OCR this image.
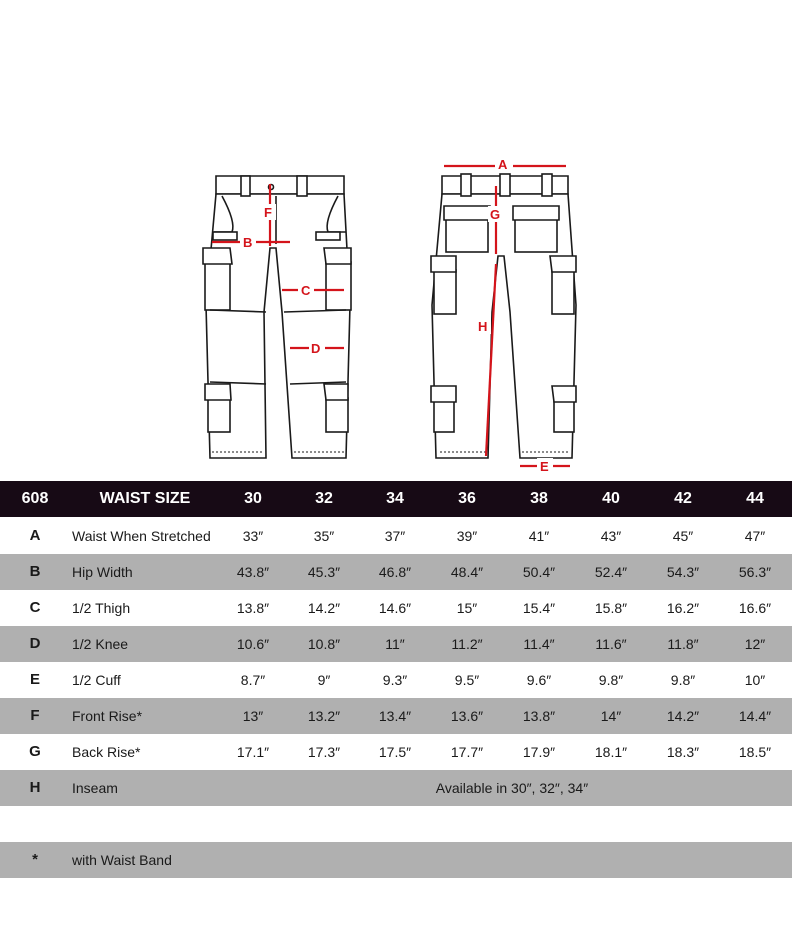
F
B
C
D
A
G
H
E
608	WAIST SIZE	30	32	34	36	38	40	42	44
A	Waist When Stretched	33″	35″	37″	39″	41″	43″	45″	47″
B	Hip Width	43.8″	45.3″	46.8″	48.4″	50.4″	52.4″	54.3″	56.3″
C	1/2 Thigh	13.8″	14.2″	14.6″	15″	15.4″	15.8″	16.2″	16.6″
D	1/2 Knee	10.6″	10.8″	11″	11.2″	11.4″	11.6″	11.8″	12″
E	1/2 Cuff	8.7″	9″	9.3″	9.5″	9.6″	9.8″	9.8″	10″
F	Front Rise*	13″	13.2″	13.4″	13.6″	13.8″	14″	14.2″	14.4″
G	Back Rise*	17.1″	17.3″	17.5″	17.7″	17.9″	18.1″	18.3″	18.5″
H	Inseam	Available in 30″, 32″, 34″
*	with Waist Band
